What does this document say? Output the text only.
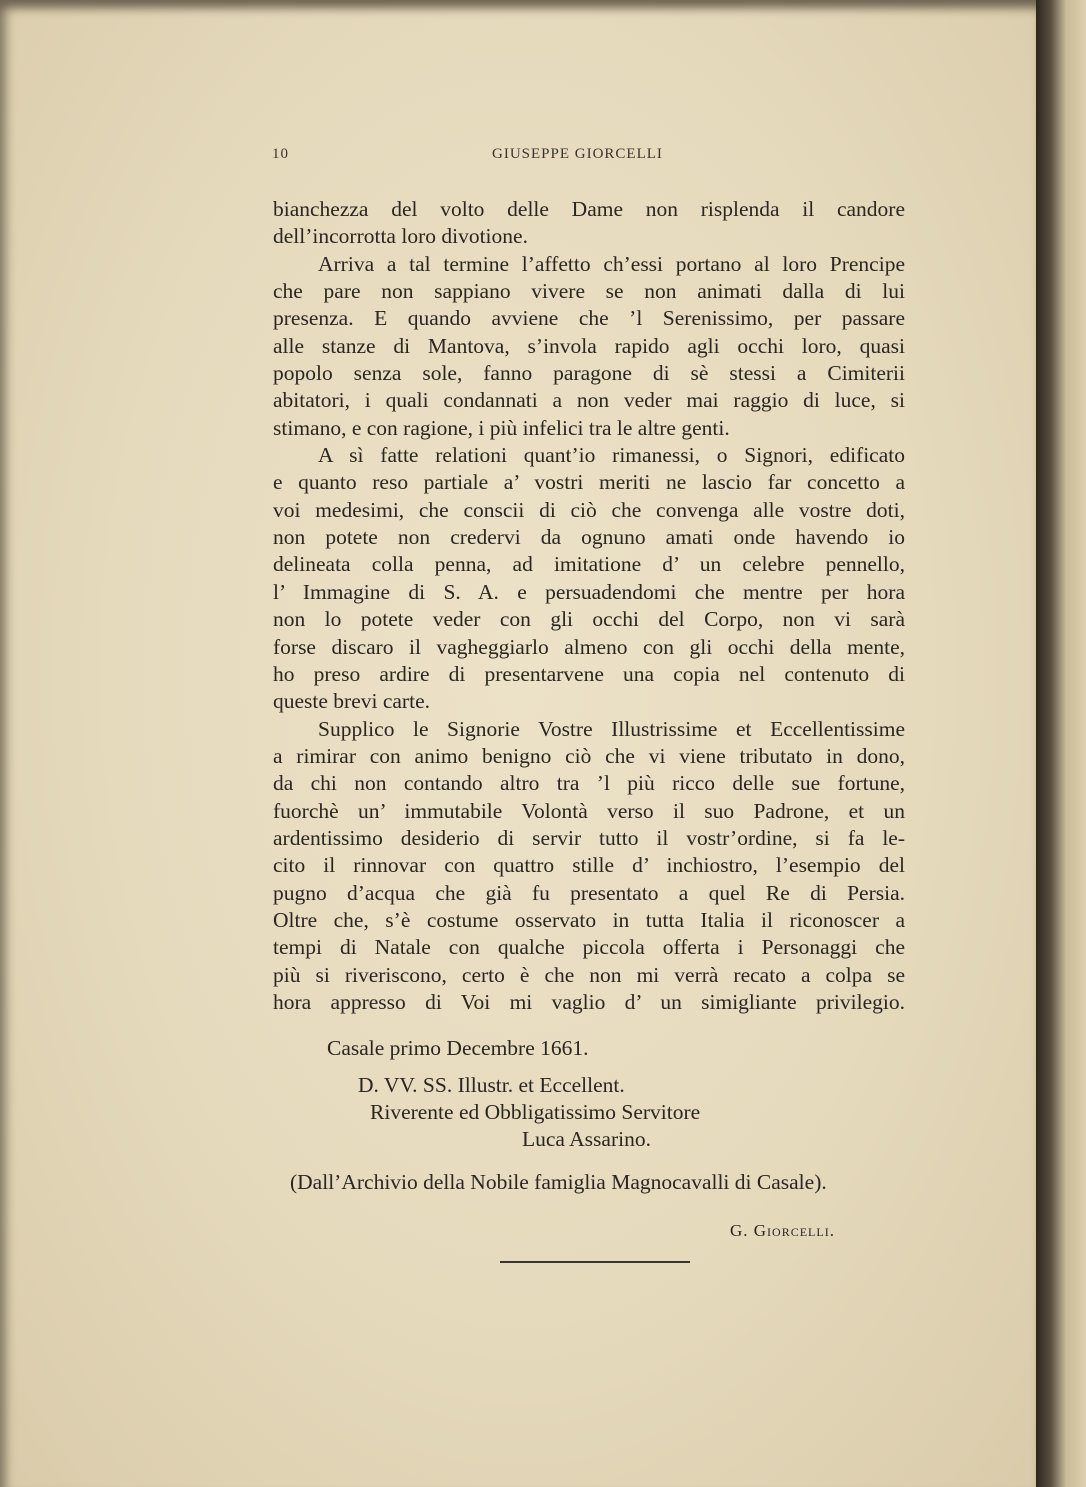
10	GIUSEPPE GIORCELLI
bianchezza del volto delle Dame non risplenda il candore
dell’incorrotta loro divotione.
Arriva a tal termine l’affetto ch’essi portano al loro Prencipe
che pare non sappiano vivere se non animati dalla di lui
presenza. E quando avviene che ’l Serenissimo, per passare
alle stanze di Mantova, s’invola rapido agli occhi loro, quasi
popolo senza sole, fanno paragone di sè stessi a Cimiterii
abitatori, i quali condannati a non veder mai raggio di luce, si
stimano, e con ragione, i più infelici tra le altre genti.
A sì fatte relationi quant’io rimanessi, o Signori, edificato
e quanto reso partiale a’ vostri meriti ne lascio far concetto a
voi medesimi, che conscii di ciò che convenga alle vostre doti,
non potete non credervi da ognuno amati onde havendo io
delineata colla penna, ad imitatione d’ un celebre pennello,
l’ Immagine di S. A. e persuadendomi che mentre per hora
non lo potete veder con gli occhi del Corpo, non vi sarà
forse discaro il vagheggiarlo almeno con gli occhi della mente,
ho preso ardire di presentarvene una copia nel contenuto di
queste brevi carte.
Supplico le Signorie Vostre Illustrissime et Eccellentissime
a rimirar con animo benigno ciò che vi viene tributato in dono,
da chi non contando altro tra ’l più ricco delle sue fortune,
fuorchè un’ immutabile Volontà verso il suo Padrone, et un
ardentissimo desiderio di servir tutto il vostr’ordine, si fa le-
cito il rinnovar con quattro stille d’ inchiostro, l’esempio del
pugno d’acqua che già fu presentato a quel Re di Persia.
Oltre che, s’è costume osservato in tutta Italia il riconoscer a
tempi di Natale con qualche piccola offerta i Personaggi che
più si riveriscono, certo è che non mi verrà recato a colpa se
hora appresso di Voi mi vaglio d’ un simigliante privilegio.
Casale primo Decembre 1661.
D. VV. SS. Illustr. et Eccellent.
Riverente ed Obbligatissimo Servitore
Luca Assarino.
(Dall’Archivio della Nobile famiglia Magnocavalli di Casale).
G. Giorcelli.
